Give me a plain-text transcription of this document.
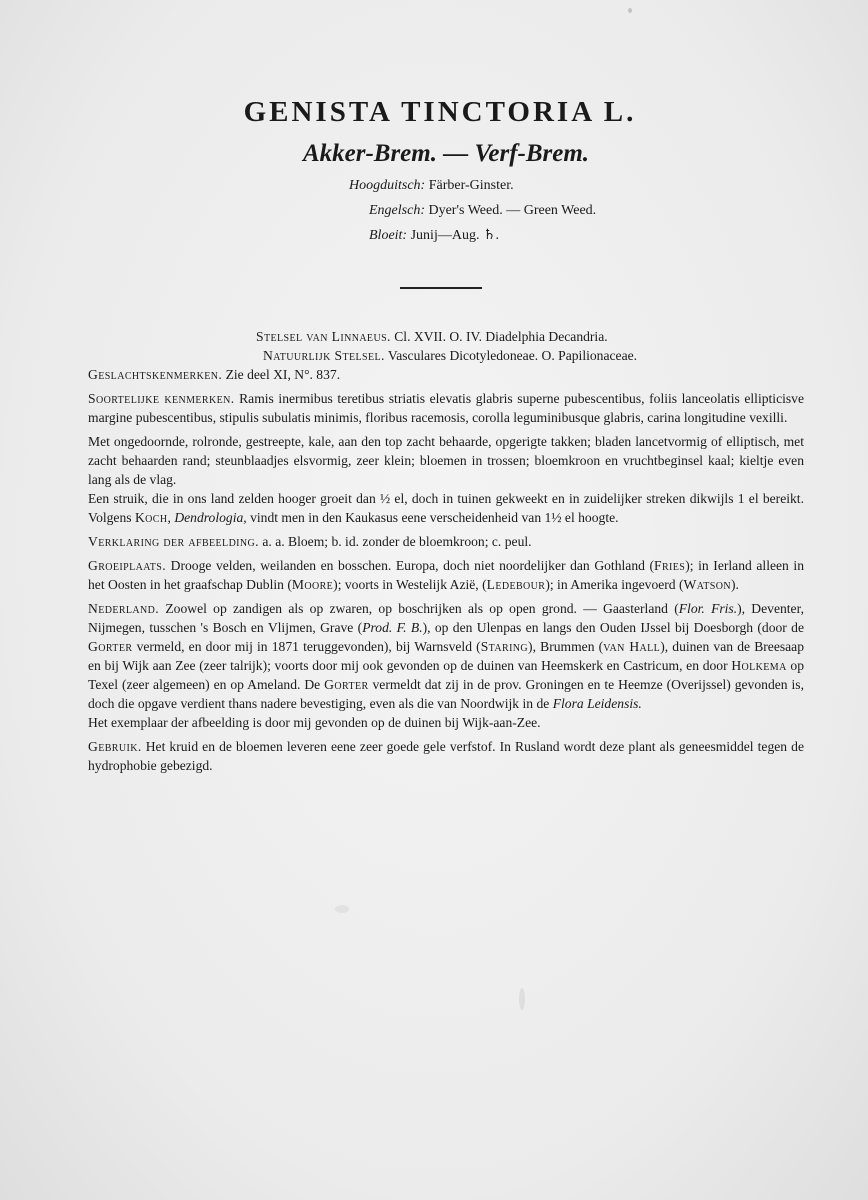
GENISTA TINCTORIA L.
Akker-Brem. — Verf-Brem.
Hoogduitsch: Färber-Ginster.
Engelsch: Dyer's Weed. — Green Weed.
Bloeit: Junij—Aug. ♄.

Stelsel van Linnaeus. Cl. XVII. O. IV. Diadelphia Decandria.

Natuurlijk Stelsel. Vasculares Dicotyledoneae. O. Papilionaceae.

Geslachtskenmerken. Zie deel XI, N°. 837.

Soortelijke kenmerken. Ramis inermibus teretibus striatis elevatis glabris superne pubescentibus, foliis lanceolatis ellipticisve margine pubescentibus, stipulis subulatis minimis, floribus racemosis, corolla leguminibusque glabris, carina longitudine vexilli.

Met ongedoornde, rolronde, gestreepte, kale, aan den top zacht behaarde, opgerigte takken; bladen lancetvormig of elliptisch, met zacht behaarden rand; steunblaadjes elsvormig, zeer klein; bloemen in trossen; bloemkroon en vruchtbeginsel kaal; kieltje even lang als de vlag.

Een struik, die in ons land zelden hooger groeit dan ½ el, doch in tuinen gekweekt en in zuidelijker streken dikwijls 1 el bereikt. Volgens Koch, Dendrologia, vindt men in den Kaukasus eene verscheidenheid van 1½ el hoogte.

Verklaring der afbeelding. a. a. Bloem; b. id. zonder de bloemkroon; c. peul.

Groeiplaats. Drooge velden, weilanden en bosschen. Europa, doch niet noordelijker dan Gothland (Fries); in Ierland alleen in het Oosten in het graafschap Dublin (Moore); voorts in Westelijk Azië, (Ledebour); in Amerika ingevoerd (Watson).

Nederland. Zoowel op zandigen als op zwaren, op boschrijken als op open grond. — Gaasterland (Flor. Fris.), Deventer, Nijmegen, tusschen 's Bosch en Vlijmen, Grave (Prod. F. B.), op den Ulenpas en langs den Ouden IJssel bij Doesborgh (door de Gorter vermeld, en door mij in 1871 teruggevonden), bij Warnsveld (Staring), Brummen (van Hall), duinen van de Breesaap en bij Wijk aan Zee (zeer talrijk); voorts door mij ook gevonden op de duinen van Heemskerk en Castricum, en door Holkema op Texel (zeer algemeen) en op Ameland. De Gorter vermeldt dat zij in de prov. Groningen en te Heemze (Overijssel) gevonden is, doch die opgave verdient thans nadere bevestiging, even als die van Noordwijk in de Flora Leidensis.

Het exemplaar der afbeelding is door mij gevonden op de duinen bij Wijk-aan-Zee.

Gebruik. Het kruid en de bloemen leveren eene zeer goede gele verfstof. In Rusland wordt deze plant als geneesmiddel tegen de hydrophobie gebezigd.
